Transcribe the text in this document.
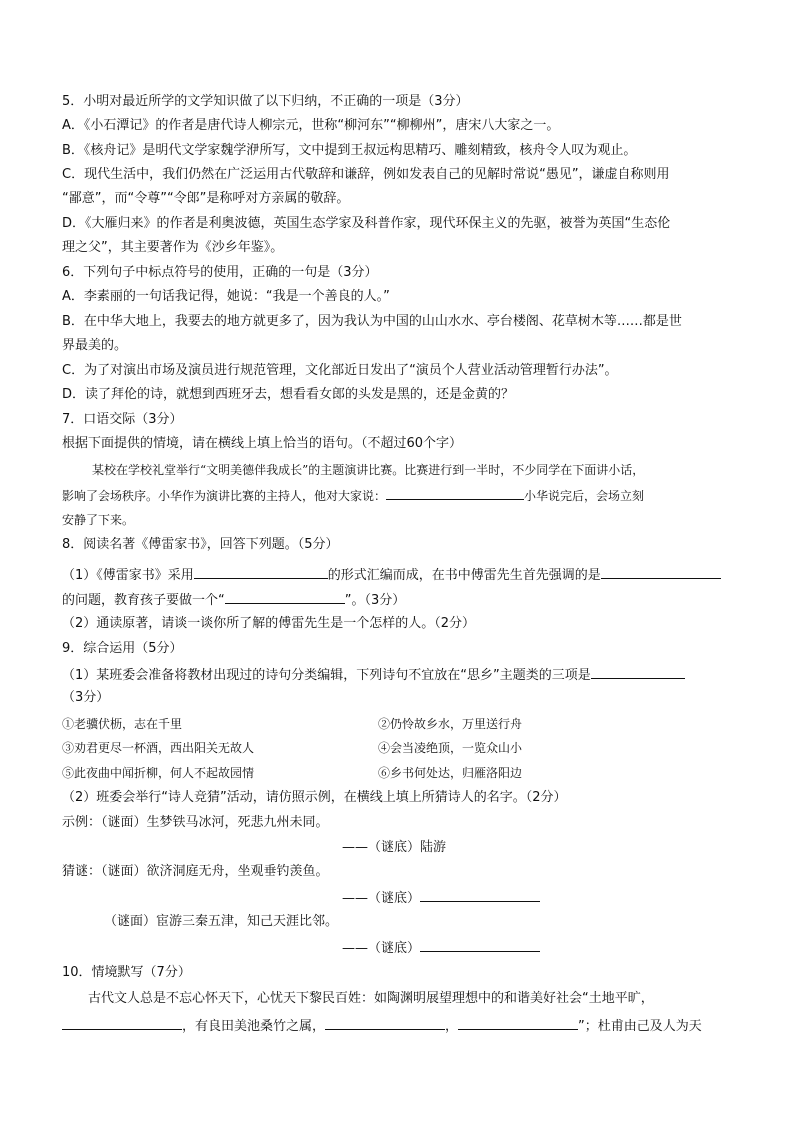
5．小明对最近所学的文学知识做了以下归纳，不正确的一项是（3分）
A．《小石潭记》的作者是唐代诗人柳宗元，世称“柳河东”“柳柳州”，唐宋八大家之一。
B．《核舟记》是明代文学家魏学洢所写，文中提到王叔远构思精巧、雕刻精致，核舟令人叹为观止。
C．现代生活中，我们仍然在广泛运用古代敬辞和谦辞，例如发表自己的见解时常说“愚见”，谦虚自称则用
“鄙意”，而“令尊”“令郎”是称呼对方亲属的敬辞。
D．《大雁归来》的作者是利奥波德，英国生态学家及科普作家，现代环保主义的先驱，被誉为英国“生态伦
理之父”，其主要著作为《沙乡年鉴》。
6．下列句子中标点符号的使用，正确的一句是（3分）
A．李素丽的一句话我记得，她说：“我是一个善良的人。”
B．在中华大地上，我要去的地方就更多了，因为我认为中国的山山水水、亭台楼阁、花草树木等……都是世
界最美的。
C．为了对演出市场及演员进行规范管理，文化部近日发出了“演员个人营业活动管理暂行办法”。
D．读了拜伦的诗，就想到西班牙去，想看看女郎的头发是黑的，还是金黄的？
7．口语交际（3分）
根据下面提供的情境，请在横线上填上恰当的语句。（不超过60个字）
某校在学校礼堂举行“文明美德伴我成长”的主题演讲比赛。比赛进行到一半时，不少同学在下面讲小话，
影响了会场秩序。小华作为演讲比赛的主持人，他对大家说：	小华说完后，会场立刻
安静了下来。
8．阅读名著《傅雷家书》，回答下列题。（5分）
（1）《傅雷家书》采用	的形式汇编而成，在书中傅雷先生首先强调的是
的问题，教育孩子要做一个“	”。（3分）
（2）通读原著，请谈一谈你所了解的傅雷先生是一个怎样的人。（2分）
9．综合运用（5分）
（1）某班委会准备将教材出现过的诗句分类编辑，下列诗句不宜放在“思乡”主题类的三项是
（3分）
①老骥伏枥，志在千里	②仍怜故乡水，万里送行舟
③劝君更尽一杯酒，西出阳关无故人	④会当凌绝顶，一览众山小
⑤此夜曲中闻折柳，何人不起故园情	⑥乡书何处达，归雁洛阳边
（2）班委会举行“诗人竞猜”活动，请仿照示例，在横线上填上所猜诗人的名字。（2分）
示例：（谜面）生梦铁马冰河，死悲九州未同。
——（谜底）陆游
猜谜：（谜面）欲济洞庭无舟，坐观垂钓羡鱼。
——（谜底）
（谜面）宦游三秦五津，知己天涯比邻。
——（谜底）
10．情境默写（7分）
古代文人总是不忘心怀天下，心忧天下黎民百姓：如陶渊明展望理想中的和谐美好社会“土地平旷，
，有良田美池桑竹之属，	，	”；杜甫由己及人为天
